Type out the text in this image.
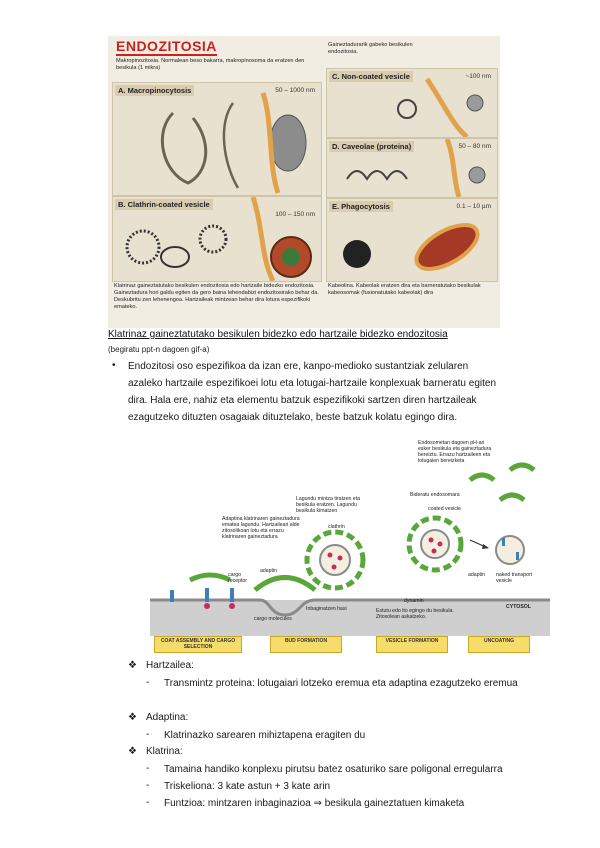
ENDOZITOSIA
Makropinozitosia. Normalean beso bakarra, makropinosoma da eratzen den besikula (1 mikra)
Gaineztadurarik gabeko besikulen endozitosia.
A. Macropinocytosis	50 – 1000 nm
B. Clathrin-coated vesicle
100 – 150 nm
Klatrinaz gaineztatutako besikulen endozitosia edo hartzaile bidezko endozitosia. Gaineztadura hori galdu egiten da gero baina lehendabizi endozitosirako behar da. Deskubritu zen lehenengoa. Hartzaileak mintzean behar dira lotura espezifikoki emateko.
C. Non-coated vesicle	~100 nm
D. Caveolae (proteina)	50 – 80 nm
E. Phagocytosis	0.1 – 10 µm
Kabeolina. Kabeolak eratzen dira eta barneratutako besikulak kabeosomak (fusionatutako kabeolak) dira
Klatrinaz gaineztatutako besikulen bidezko edo hartzaile bidezko endozitosia
(begiratu ppt-n dagoen gif-a)
• Endozitosi oso espezifikoa da izan ere, kanpo-medioko sustantziak zelularen azaleko hartzaile espezifikoei lotu eta lotugai-hartzaile konplexuak barneratu egiten dira. Hala ere, nahiz eta elementu batzuk espezifikoki sartzen diren hartzaileak ezagutzeko dituzten osagaiak dituztelako, beste batzuk kolatu egingo dira.
Endosometan dagoen pH-ari esker besikula eta gaineztadura bereiztu. Errazu hartzaileen eta lotugaien bereizketa
Adaptina klatrinaren gaineztadura ematea lagundu. Hartzaileari alde zitosolikoan lotu eta errazu klatrinaren gaineztadura
Lagundu mintza tiratzen eta besikula eratzen. Lagundu besikula kimatzen
Bideratu endosomara
clathrin
coated vesicle
cargo receptor
adaptin
adaptin
dynamin
cargo molecules
Inbaginatzen hasi	Estutu edo ito egingo du besikula. Zitosolean askatzeko.
naked transport vesicle
CYTOSOL
COAT ASSEMBLY AND CARGO SELECTION
BUD FORMATION	VESICLE FORMATION	UNCOATING
❖ Hartzailea:
- Transmintz proteina: lotugaiari lotzeko eremua eta adaptina ezagutzeko eremua
❖ Adaptina:
- Klatrinazko sarearen mihiztapena eragiten du
❖ Klatrina:
- Tamaina handiko konplexu pirutsu batez osaturiko sare poligonal erregularra
- Triskeliona: 3 kate astun + 3 kate arin
- Funtzioa: mintzaren inbaginazioa ⇒ besikula gaineztatuen kimaketa
